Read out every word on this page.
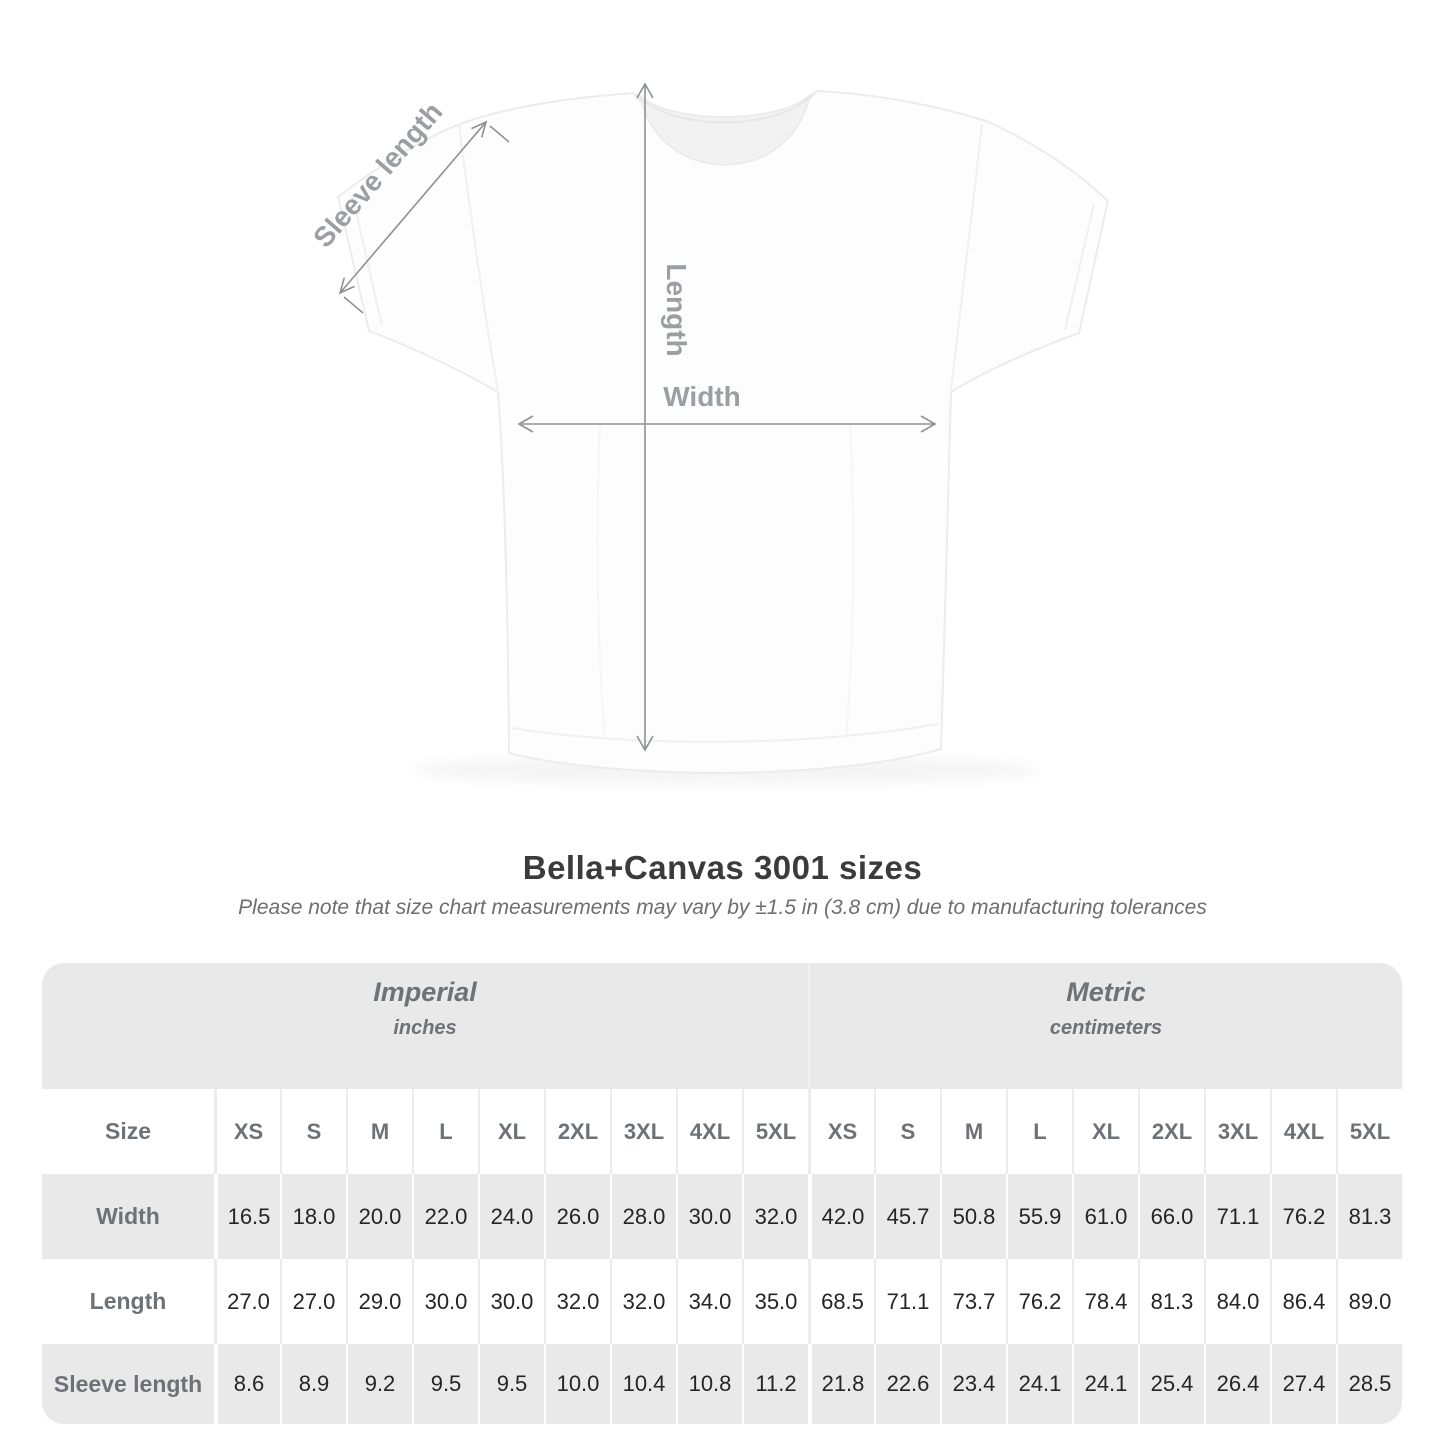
Length
Width
Sleeve length
Bella+Canvas 3001 sizes
Please note that size chart measurements may vary by ±1.5 in (3.8 cm) due to manufacturing tolerances
Imperial
inches

Metric
centimeters

Size	XS	S	M	L	XL	2XL	3XL	4XL	5XL	XS	S	M	L	XL	2XL	3XL	4XL	5XL
Width	16.5	18.0	20.0	22.0	24.0	26.0	28.0	30.0	32.0	42.0	45.7	50.8	55.9	61.0	66.0	71.1	76.2	81.3
Length	27.0	27.0	29.0	30.0	30.0	32.0	32.0	34.0	35.0	68.5	71.1	73.7	76.2	78.4	81.3	84.0	86.4	89.0
Sleeve length	8.6	8.9	9.2	9.5	9.5	10.0	10.4	10.8	11.2	21.8	22.6	23.4	24.1	24.1	25.4	26.4	27.4	28.5
